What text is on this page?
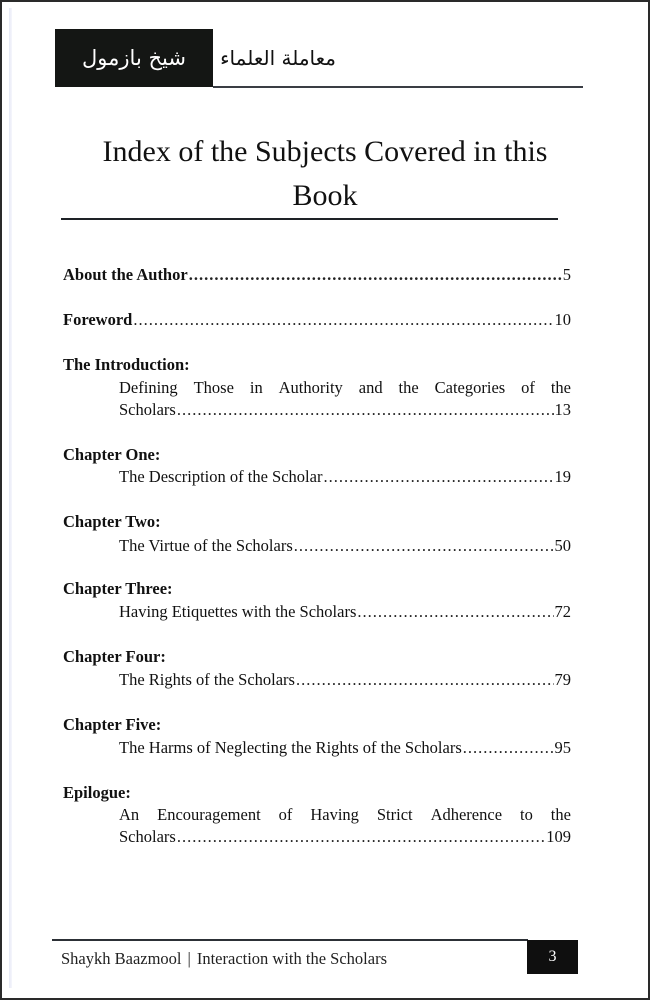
شيخ بازمول معاملة العلماء
Index of the Subjects Covered in this
Book
About the Author .....	5
Foreword .....	10
The Introduction:
Defining Those in Authority and the Categories of the
Scholars .....	13
Chapter One:
The Description of the Scholar .....	19
Chapter Two:
The Virtue of the Scholars .....	50
Chapter Three:
Having Etiquettes with the Scholars .....	72
Chapter Four:
The Rights of the Scholars .....	79
Chapter Five:
The Harms of Neglecting the Rights of the Scholars .....	95
Epilogue:
An Encouragement of Having Strict Adherence to the
Scholars .....	109
Shaykh Baazmool | Interaction with the Scholars	3
